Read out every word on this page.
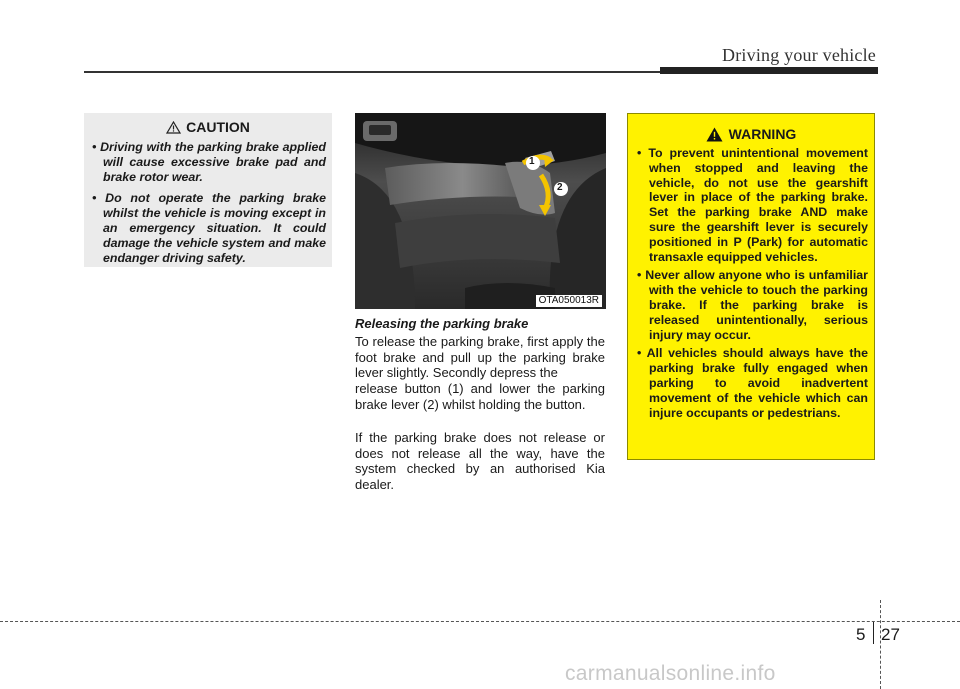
Driving your vehicle
CAUTION
• Driving with the parking brake applied will cause excessive brake pad and brake rotor wear.
• Do not operate the parking brake whilst the vehicle is moving except in an emergency situation. It could damage the vehicle system and make endanger driving safety.
1
2
OTA050013R
Releasing the parking brake

To release the parking brake, first apply the foot brake and pull up the parking brake lever slightly. Secondly depress the

release button (1) and lower the parking brake lever (2) whilst holding the button.

If the parking brake does not release or does not release all the way, have the system checked by an authorised Kia dealer.

WARNING
• To prevent unintentional movement when stopped and leaving the vehicle, do not use the gearshift lever in place of the parking brake. Set the parking brake AND make sure the gearshift lever is securely positioned in P (Park) for automatic transaxle equipped vehicles.
• Never allow anyone who is unfamiliar with the vehicle to touch the parking brake. If the parking brake is released unintentionally, serious injury may occur.
• All vehicles should always have the parking brake fully engaged when parking to avoid inadvertent movement of the vehicle which can injure occupants or pedestrians.
5 27
carmanualsonline.info
